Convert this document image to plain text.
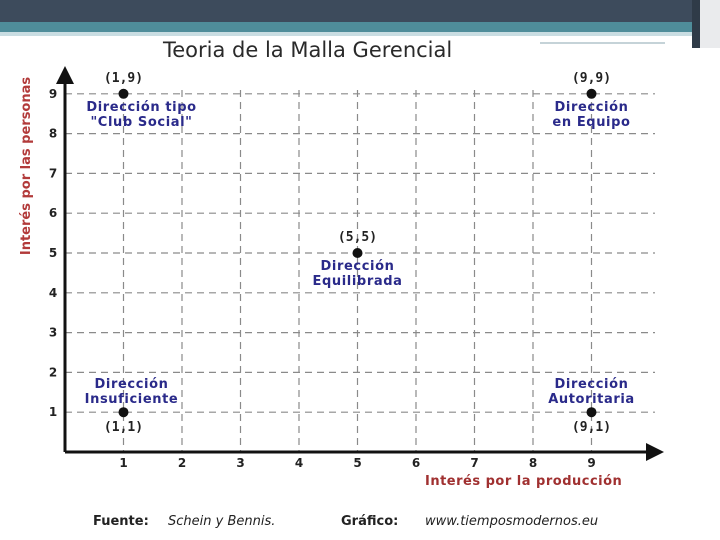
Teoria de la Malla Gerencial
Interés por las personas
1	2	3	4	5	6	7	8	9
1
2
3
4
5
6
7
8
9
(1,9)
Dirección tipo
"Club Social"
(9,9)
Dirección
en Equipo
(5,5)
Dirección
Equilibrada
(1,1)
Dirección
Insuficiente
(9,1)
Dirección
Autoritaria
Interés por la producción
Fuente: Schein y Bennis.	Gráfico: www.tiemposmodernos.eu
